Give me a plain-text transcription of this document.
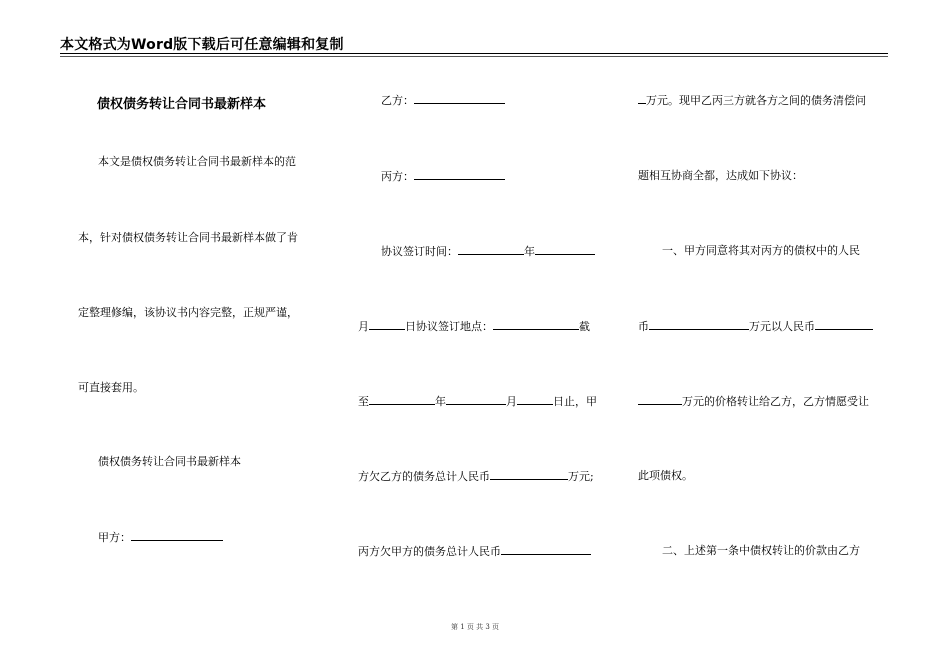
本文格式为Word版下载后可任意编辑和复制
债权债务转让合同书最新样本
本文是债权债务转让合同书最新样本的范
本，针对债权债务转让合同书最新样本做了肯
定整理修编，该协议书内容完整，正规严谨，
可直接套用。
债权债务转让合同书最新样本
甲方：
乙方：
丙方：
协议签订时间：	年
月	日协议签订地点：	截
至	年	月	日止，甲
方欠乙方的债务总计人民币	万元;
丙方欠甲方的债务总计人民币
万元。现甲乙丙三方就各方之间的债务清偿问
题相互协商全都，达成如下协议：
一、甲方同意将其对丙方的债权中的人民
币	万元以人民币
万元的价格转让给乙方，乙方情愿受让
此项债权。
二、上述第一条中债权转让的价款由乙方
第 1 页 共 3 页
